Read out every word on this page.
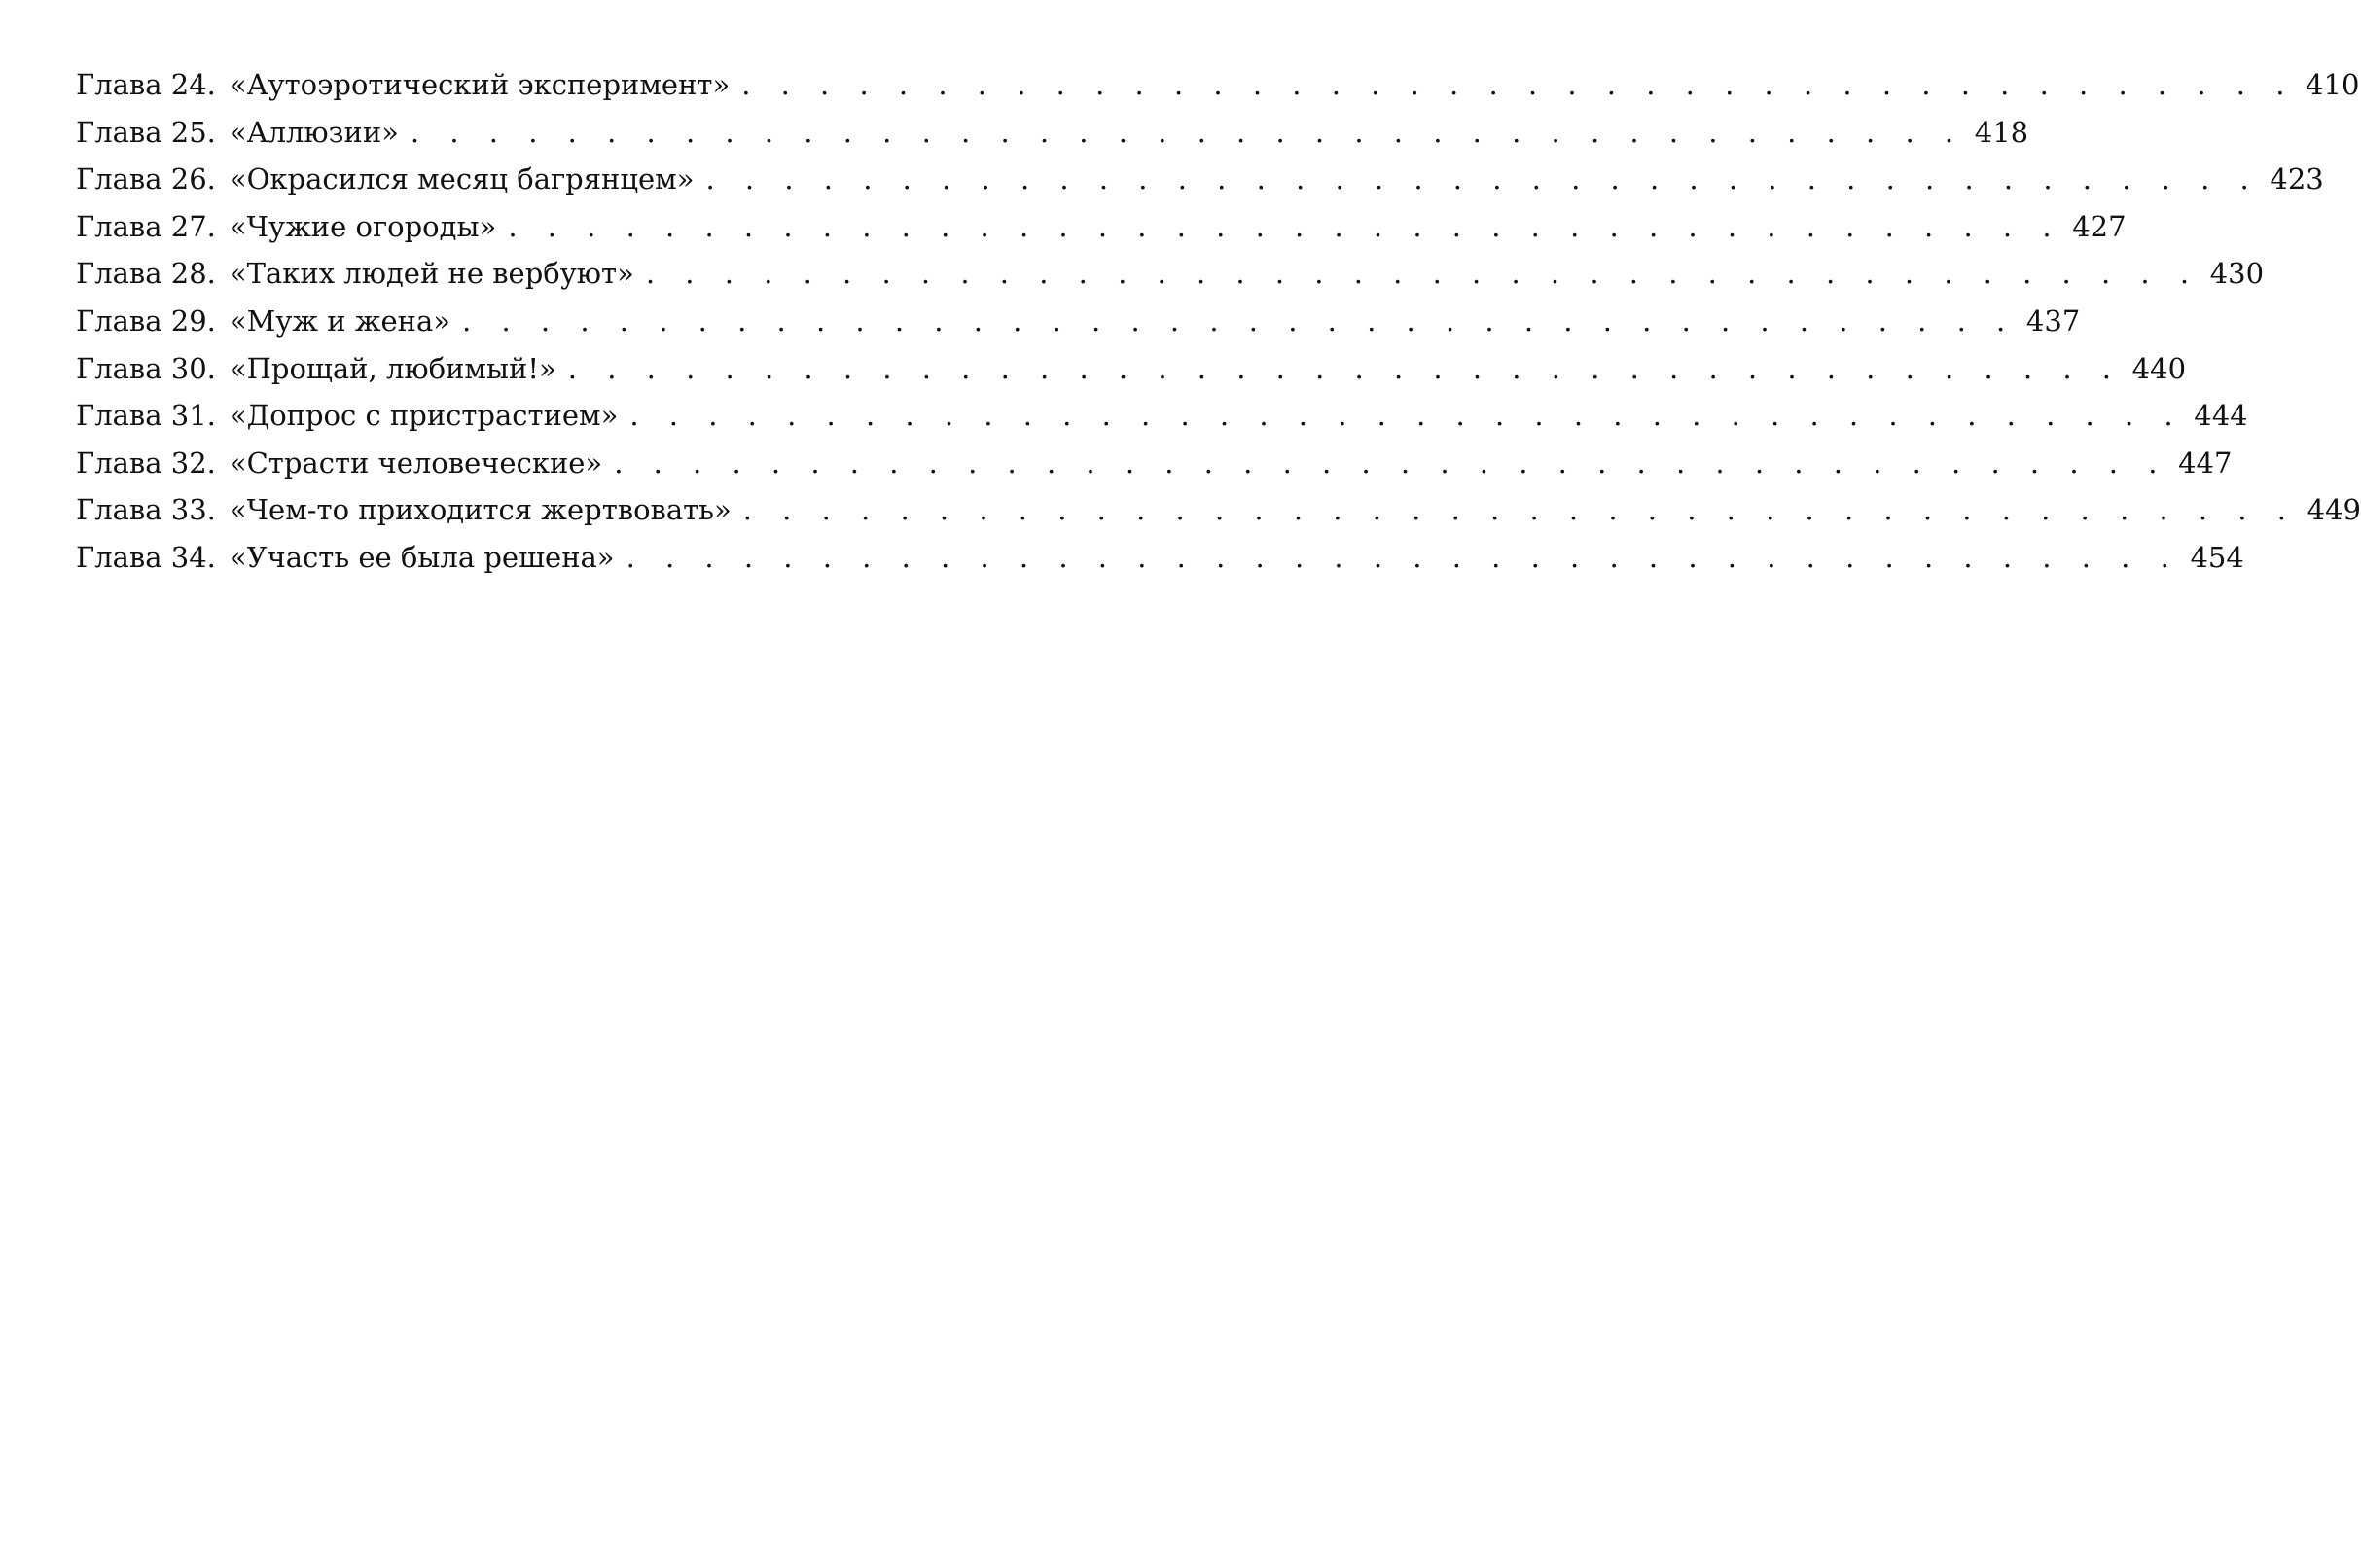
Глава 24. «Аутоэротический эксперимент» . . . . . . . . . . . . . . . . . . . . . . . . . . . . . . . . . . . . . . . . 410
Глава 25. «Аллюзии» . . . . . . . . . . . . . . . . . . . . . . . . . . . . . . . . . . . . . . . . 418
Глава 26. «Окрасился месяц багрянцем» . . . . . . . . . . . . . . . . . . . . . . . . . . . . . . . . . . . . . . . . 423
Глава 27. «Чужие огороды» . . . . . . . . . . . . . . . . . . . . . . . . . . . . . . . . . . . . . . . . 427
Глава 28. «Таких людей не вербуют» . . . . . . . . . . . . . . . . . . . . . . . . . . . . . . . . . . . . . . . . 430
Глава 29. «Муж и жена» . . . . . . . . . . . . . . . . . . . . . . . . . . . . . . . . . . . . . . . . 437
Глава 30. «Прощай, любимый!» . . . . . . . . . . . . . . . . . . . . . . . . . . . . . . . . . . . . . . . . 440
Глава 31. «Допрос с пристрастием» . . . . . . . . . . . . . . . . . . . . . . . . . . . . . . . . . . . . . . . . 444
Глава 32. «Страсти человеческие» . . . . . . . . . . . . . . . . . . . . . . . . . . . . . . . . . . . . . . . . 447
Глава 33. «Чем-то приходится жертвовать» . . . . . . . . . . . . . . . . . . . . . . . . . . . . . . . . . . . . . . . . 449
Глава 34. «Участь ее была решена» . . . . . . . . . . . . . . . . . . . . . . . . . . . . . . . . . . . . . . . . 454
